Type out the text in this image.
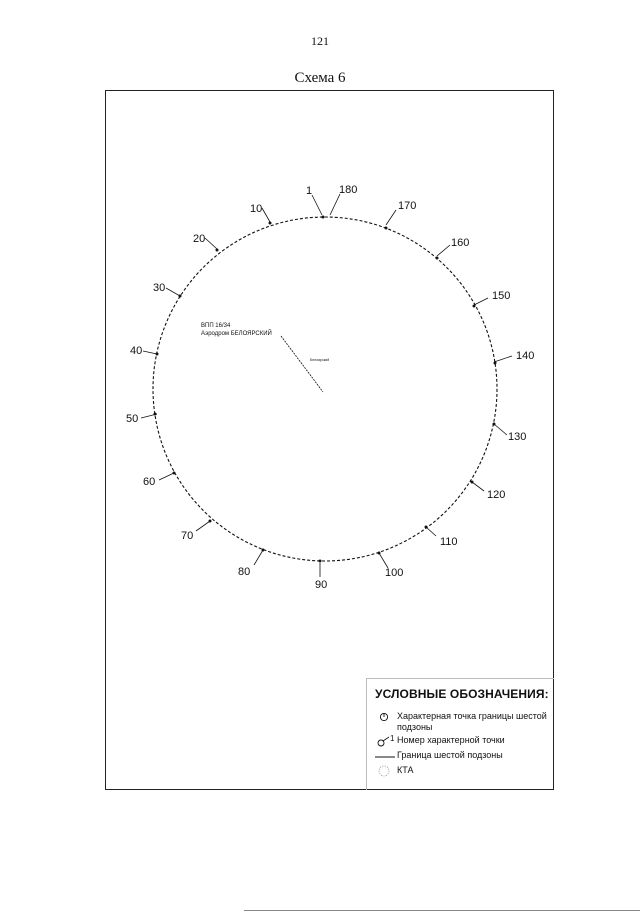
121
Схема 6
ВПП 16/34
Аэродром БЕЛОЯРСКИЙ
Белоярский
1 180
170
160
150
140
130
120
110
100
90
80
70
60
50
40
30
20
10
УСЛОВНЫЕ ОБОЗНАЧЕНИЯ:
Характерная точка границы шестой подзоны
1 Номер характерной точки
Граница шестой подзоны
КТА
